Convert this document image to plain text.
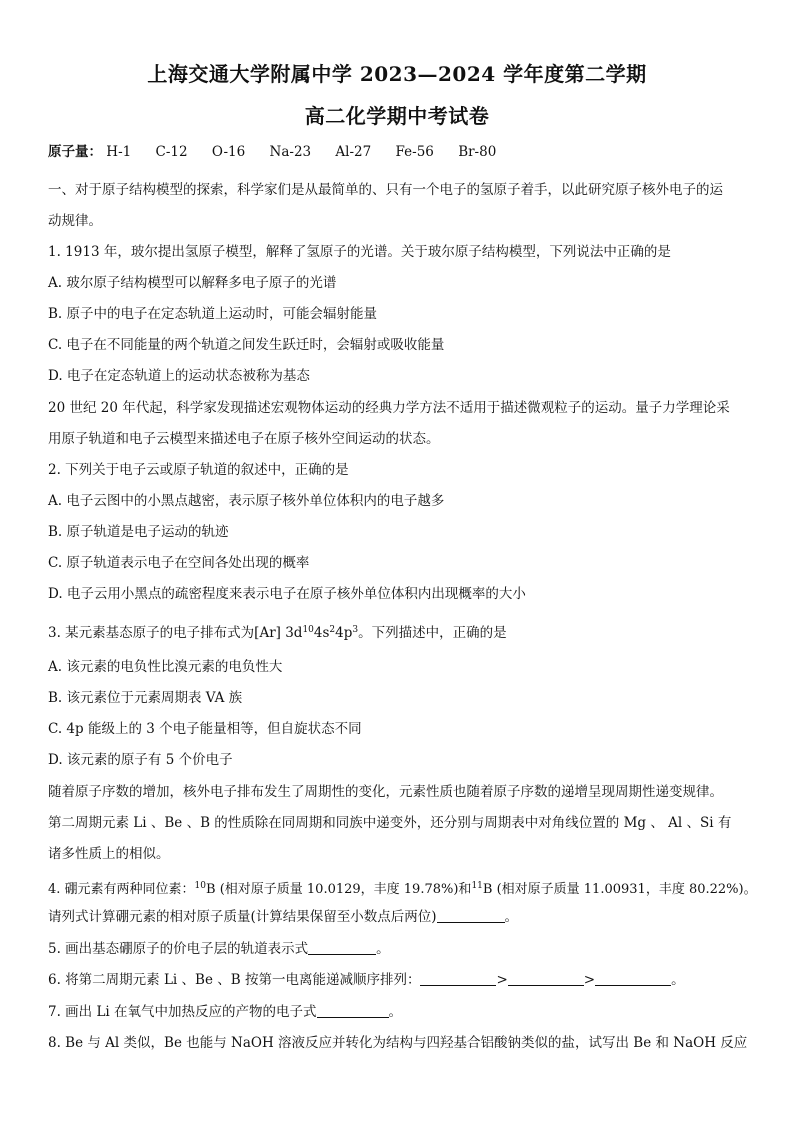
上海交通大学附属中学 2023—2024 学年度第二学期
高二化学期中考试卷
原子量： H-1 C-12 O-16 Na-23 Al-27 Fe-56 Br-80
一、对于原子结构模型的探索，科学家们是从最简单的、只有一个电子的氢原子着手，以此研究原子核外电子的运
动规律。
1. 1913 年，玻尔提出氢原子模型，解释了氢原子的光谱。关于玻尔原子结构模型，下列说法中正确的是
A. 玻尔原子结构模型可以解释多电子原子的光谱
B. 原子中的电子在定态轨道上运动时，可能会辐射能量
C. 电子在不同能量的两个轨道之间发生跃迁时，会辐射或吸收能量
D. 电子在定态轨道上的运动状态被称为基态
20 世纪 20 年代起，科学家发现描述宏观物体运动的经典力学方法不适用于描述微观粒子的运动。量子力学理论采
用原子轨道和电子云模型来描述电子在原子核外空间运动的状态。
2. 下列关于电子云或原子轨道的叙述中，正确的是
A. 电子云图中的小黑点越密，表示原子核外单位体积内的电子越多
B. 原子轨道是电子运动的轨迹
C. 原子轨道表示电子在空间各处出现的概率
D. 电子云用小黑点的疏密程度来表示电子在原子核外单位体积内出现概率的大小
3. 某元素基态原子的电子排布式为[Ar] $3d^{10}4s^24p^3$。下列描述中，正确的是
A. 该元素的电负性比溴元素的电负性大
B. 该元素位于元素周期表 VA 族
C. 4p 能级上的 3 个电子能量相等，但自旋状态不同
D. 该元素的原子有 5 个价电子
随着原子序数的增加，核外电子排布发生了周期性的变化，元素性质也随着原子序数的递增呈现周期性递变规律。
第二周期元素 Li 、Be 、B 的性质除在同周期和同族中递变外，还分别与周期表中对角线位置的 Mg 、 Al 、Si 有
诸多性质上的相似。
4. 硼元素有两种同位素：$^{10}$B (相对原子质量 10.0129，丰度 19.78%)和$^{11}$B (相对原子质量 11.00931，丰度 80.22%)。
请列式计算硼元素的相对原子质量(计算结果保留至小数点后两位)	。
5. 画出基态硼原子的价电子层的轨道表示式	。
6. 将第二周期元素 Li 、Be 、B 按第一电离能递减顺序排列：	>	>	。
7. 画出 Li 在氧气中加热反应的产物的电子式	。
8. Be 与 Al 类似，Be 也能与 NaOH 溶液反应并转化为结构与四羟基合铝酸钠类似的盐，试写出 Be 和 NaOH 反应
